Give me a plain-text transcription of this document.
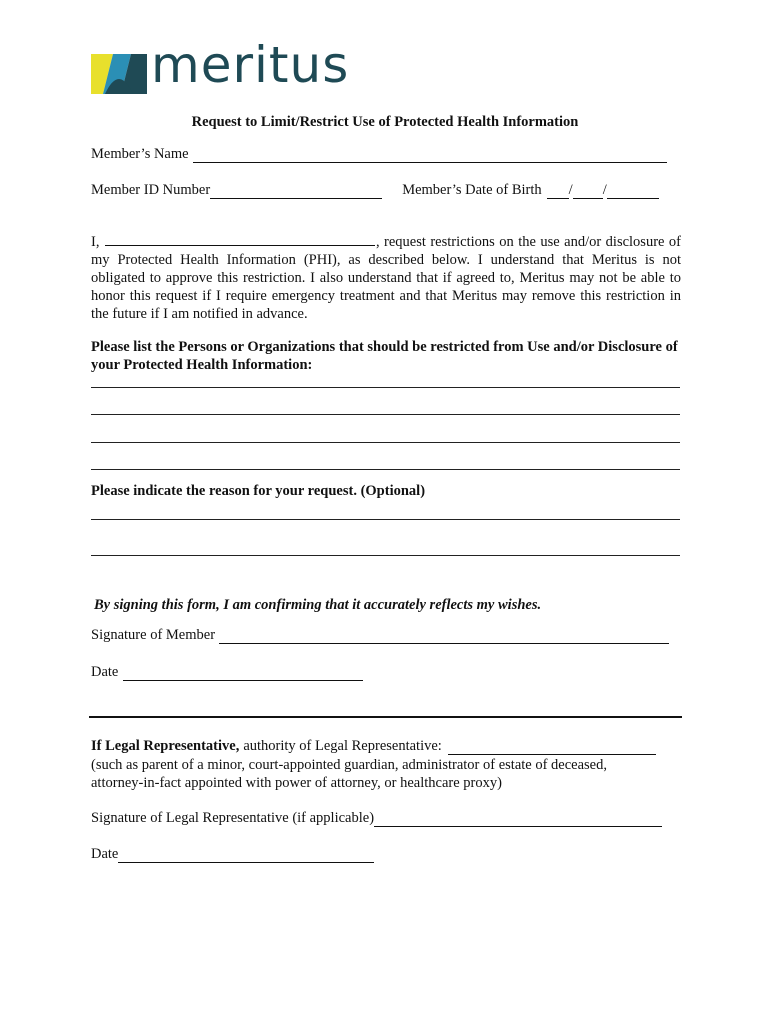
meritus
Request to Limit/Restrict Use of Protected Health Information
Member’s Name
Member ID Number	Member’s Date of Birth / /
I,	, request restrictions on the use and/or disclosure of my Protected Health Information (PHI), as described below. I understand that Meritus is not obligated to approve this restriction. I also understand that if agreed to, Meritus may not be able to honor this request if I require emergency treatment and that Meritus may remove this restriction in the future if I am notified in advance.
Please list the Persons or Organizations that should be restricted from Use and/or Disclosure of your Protected Health Information:
Please indicate the reason for your request. (Optional)
By signing this form, I am confirming that it accurately reflects my wishes.
Signature of Member
Date
If Legal Representative, authority of Legal Representative:
(such as parent of a minor, court-appointed guardian, administrator of estate of deceased,
attorney-in-fact appointed with power of attorney, or healthcare proxy)
Signature of Legal Representative (if applicable)
Date
